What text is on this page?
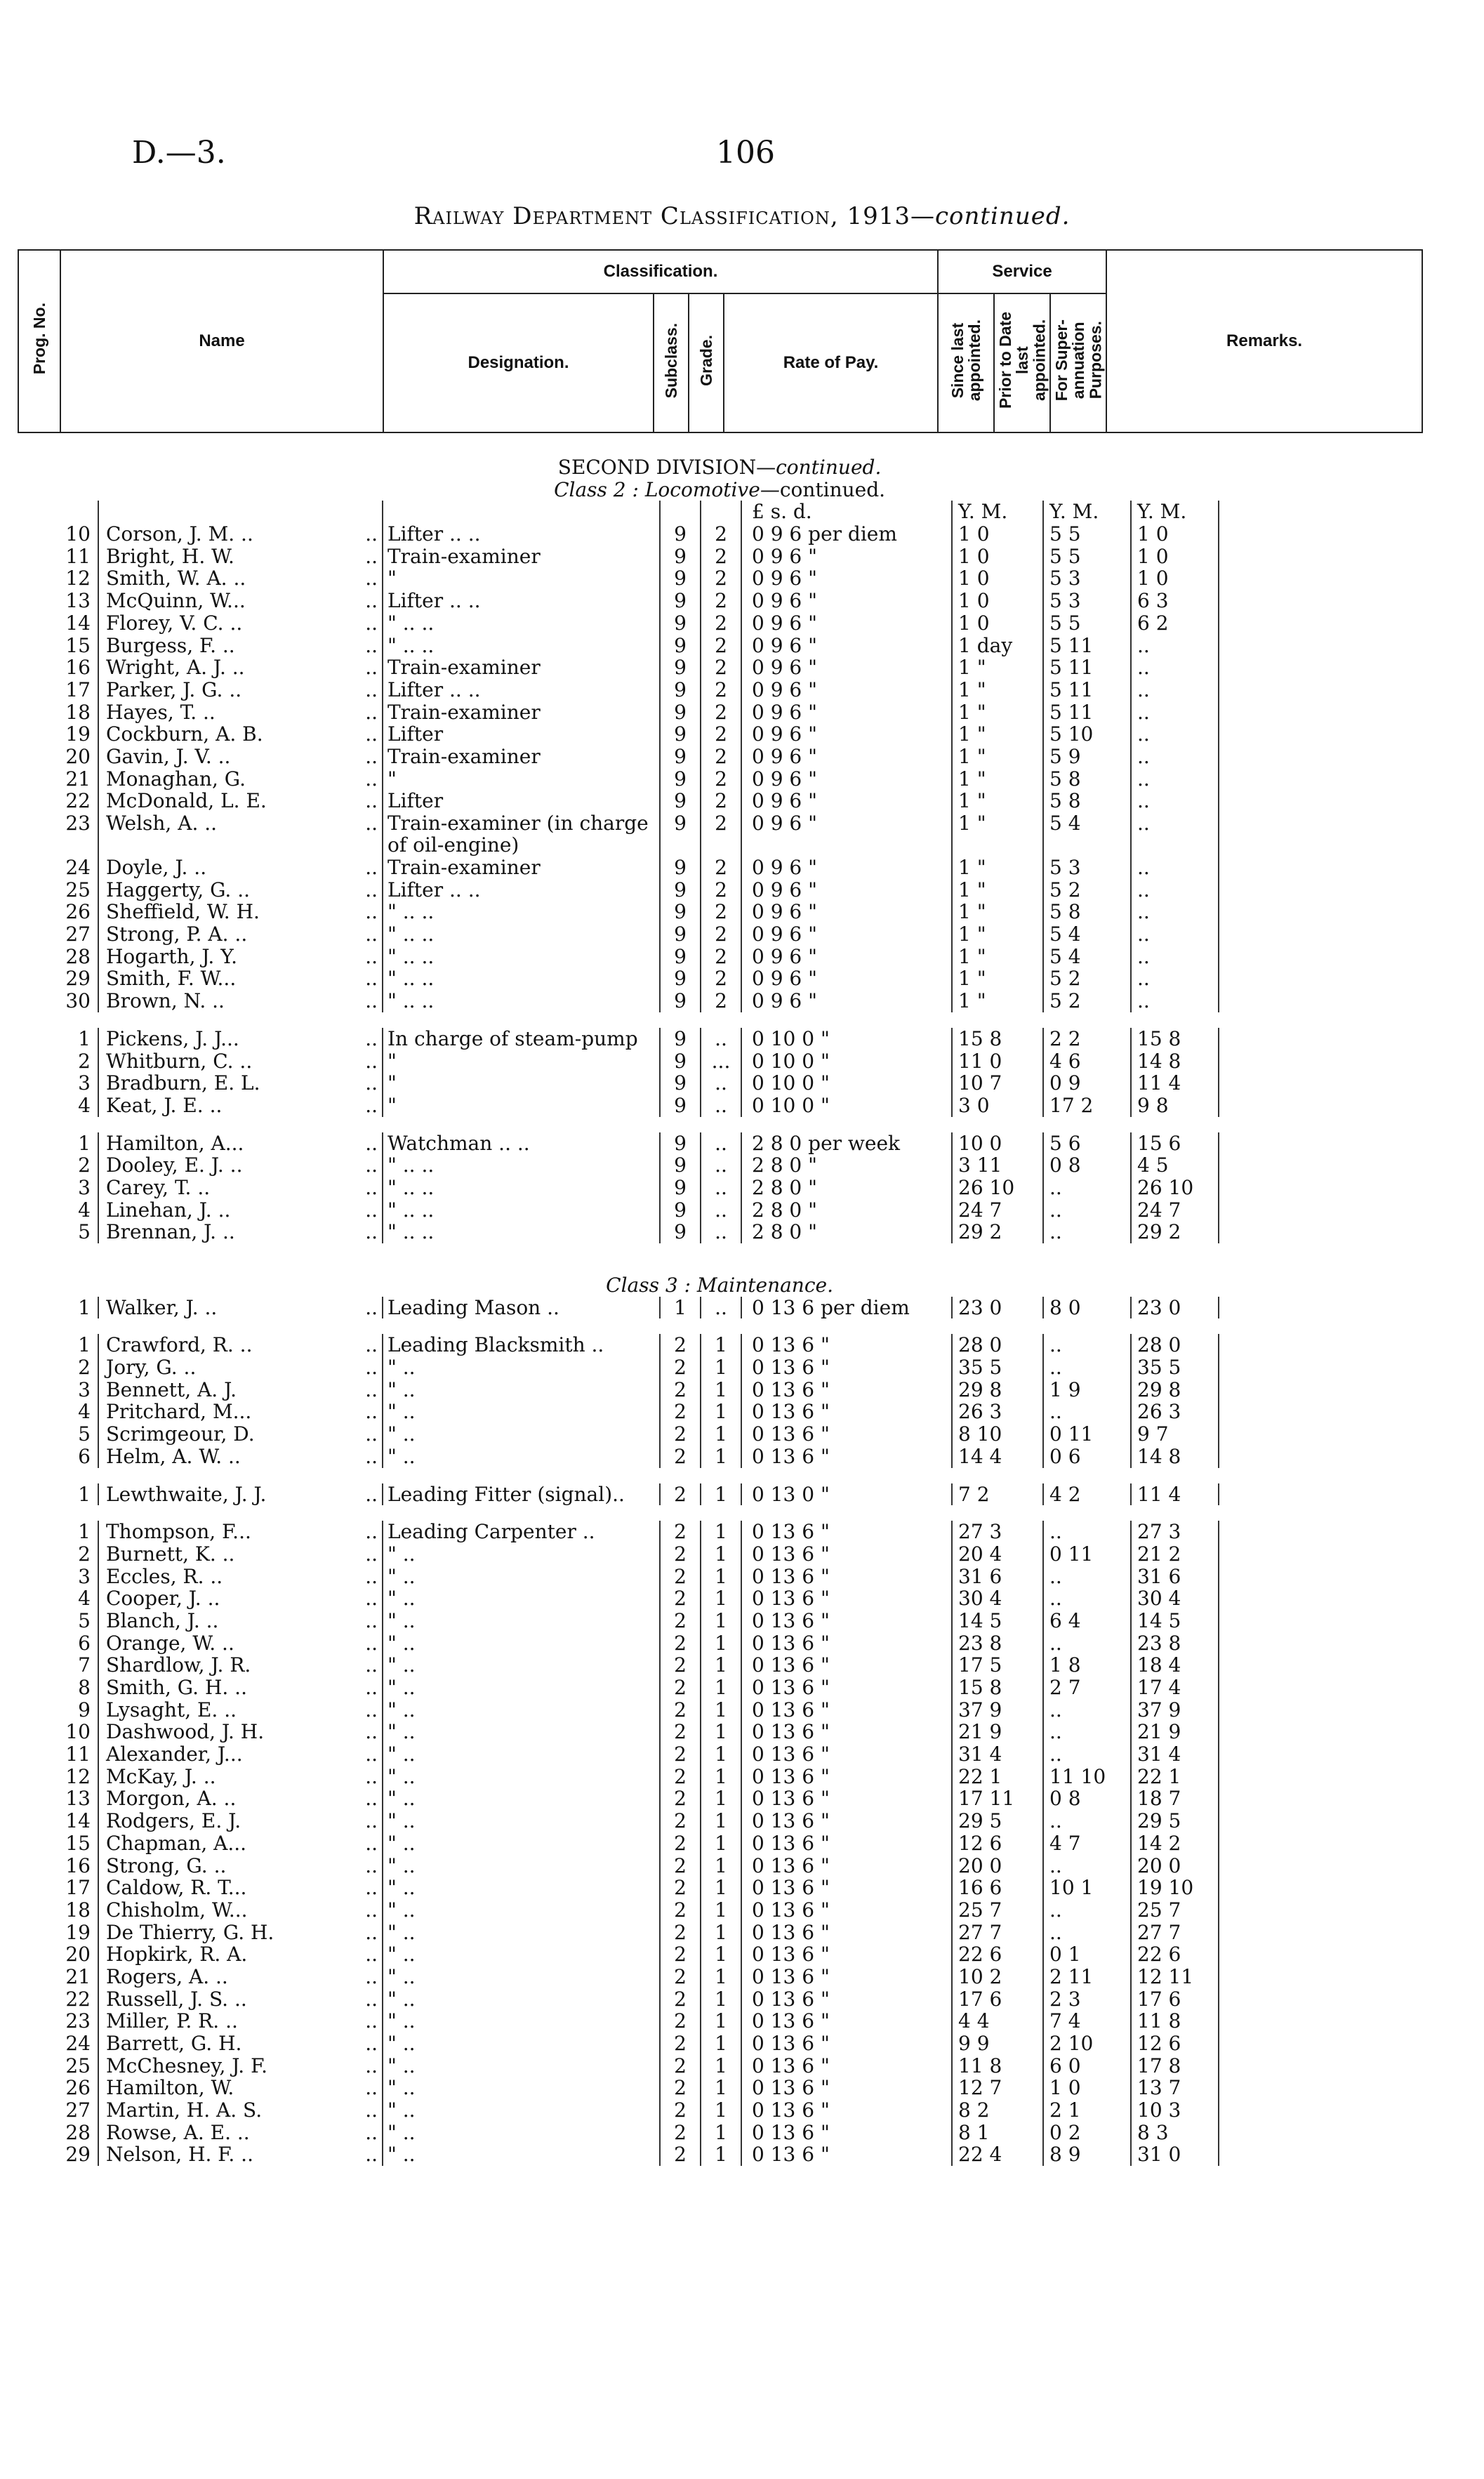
D.—3.	106
Railway Department Classification, 1913—continued.
Prog. No.	Name	Classification.				Service			Remarks.
		Designation.	Subclass.	Grade.	Rate of Pay.	Since last
appointed.	Prior to Date
last
appointed.	For Super-
annuation
Purposes.	
SECOND DIVISION—continued.										
Class 2 : Locomotive—continued.										
						£ s. d.	Y. M.	Y. M.	Y. M.	
10	Corson, J. M. ..	..	Lifter .. ..	9	2	0 9 6 per diem	1 0	5 5	1 0	
11	Bright, H. W.	..	Train-examiner	9	2	0 9 6 "	1 0	5 5	1 0	
12	Smith, W. A. ..	..	"	9	2	0 9 6 "	1 0	5 3	1 0	
13	McQuinn, W...	..	Lifter .. ..	9	2	0 9 6 "	1 0	5 3	6 3	
14	Florey, V. C. ..	..	" .. ..	9	2	0 9 6 "	1 0	5 5	6 2	
15	Burgess, F. ..	..	" .. ..	9	2	0 9 6 "	1 day	5 11	..	
16	Wright, A. J. ..	..	Train-examiner	9	2	0 9 6 "	1 "	5 11	..	
17	Parker, J. G. ..	..	Lifter .. ..	9	2	0 9 6 "	1 "	5 11	..	
18	Hayes, T. ..	..	Train-examiner	9	2	0 9 6 "	1 "	5 11	..	
19	Cockburn, A. B.	..	Lifter	9	2	0 9 6 "	1 "	5 10	..	
20	Gavin, J. V. ..	..	Train-examiner	9	2	0 9 6 "	1 "	5 9	..	
21	Monaghan, G.	..	"	9	2	0 9 6 "	1 "	5 8	..	
22	McDonald, L. E.	..	Lifter	9	2	0 9 6 "	1 "	5 8	..	
23	Welsh, A. ..	..	Train-examiner (in charge of oil-engine)	9	2	0 9 6 "	1 "	5 4	..	
24	Doyle, J. ..	..	Train-examiner	9	2	0 9 6 "	1 "	5 3	..	
25	Haggerty, G. ..	..	Lifter .. ..	9	2	0 9 6 "	1 "	5 2	..	
26	Sheffield, W. H.	..	" .. ..	9	2	0 9 6 "	1 "	5 8	..	
27	Strong, P. A. ..	..	" .. ..	9	2	0 9 6 "	1 "	5 4	..	
28	Hogarth, J. Y.	..	" .. ..	9	2	0 9 6 "	1 "	5 4	..	
29	Smith, F. W...	..	" .. ..	9	2	0 9 6 "	1 "	5 2	..	
30	Brown, N. ..	..	" .. ..	9	2	0 9 6 "	1 "	5 2	..	

1	Pickens, J. J...	..	In charge of steam-pump	9	..	0 10 0 "	15 8	2 2	15 8	
2	Whitburn, C. ..	..	"	9	...	0 10 0 "	11 0	4 6	14 8	
3	Bradburn, E. L.	..	"	9	..	0 10 0 "	10 7	0 9	11 4	
4	Keat, J. E. ..	..	"	9	..	0 10 0 "	3 0	17 2	9 8	

1	Hamilton, A...	..	Watchman .. ..	9	..	2 8 0 per week	10 0	5 6	15 6	
2	Dooley, E. J. ..	..	" .. ..	9	..	2 8 0 "	3 11	0 8	4 5	
3	Carey, T. ..	..	" .. ..	9	..	2 8 0 "	26 10	..	26 10	
4	Linehan, J. ..	..	" .. ..	9	..	2 8 0 "	24 7	..	24 7	
5	Brennan, J. ..	..	" .. ..	9	..	2 8 0 "	29 2	..	29 2	

Class 3 : Maintenance.										
1	Walker, J. ..	..	Leading Mason ..	1	..	0 13 6 per diem	23 0	8 0	23 0	

1	Crawford, R. ..	..	Leading Blacksmith ..	2	1	0 13 6 "	28 0	..	28 0	
2	Jory, G. ..	..	" ..	2	1	0 13 6 "	35 5	..	35 5	
3	Bennett, A. J.	..	" ..	2	1	0 13 6 "	29 8	1 9	29 8	
4	Pritchard, M...	..	" ..	2	1	0 13 6 "	26 3	..	26 3	
5	Scrimgeour, D.	..	" ..	2	1	0 13 6 "	8 10	0 11	9 7	
6	Helm, A. W. ..	..	" ..	2	1	0 13 6 "	14 4	0 6	14 8	

1	Lewthwaite, J. J.	..	Leading Fitter (signal)..	2	1	0 13 0 "	7 2	4 2	11 4	

1	Thompson, F...	..	Leading Carpenter ..	2	1	0 13 6 "	27 3	..	27 3	
2	Burnett, K. ..	..	" ..	2	1	0 13 6 "	20 4	0 11	21 2	
3	Eccles, R. ..	..	" ..	2	1	0 13 6 "	31 6	..	31 6	
4	Cooper, J. ..	..	" ..	2	1	0 13 6 "	30 4	..	30 4	
5	Blanch, J. ..	..	" ..	2	1	0 13 6 "	14 5	6 4	14 5	
6	Orange, W. ..	..	" ..	2	1	0 13 6 "	23 8	..	23 8	
7	Shardlow, J. R.	..	" ..	2	1	0 13 6 "	17 5	1 8	18 4	
8	Smith, G. H. ..	..	" ..	2	1	0 13 6 "	15 8	2 7	17 4	
9	Lysaght, E. ..	..	" ..	2	1	0 13 6 "	37 9	..	37 9	
10	Dashwood, J. H.	..	" ..	2	1	0 13 6 "	21 9	..	21 9	
11	Alexander, J...	..	" ..	2	1	0 13 6 "	31 4	..	31 4	
12	McKay, J. ..	..	" ..	2	1	0 13 6 "	22 1	11 10	22 1	
13	Morgon, A. ..	..	" ..	2	1	0 13 6 "	17 11	0 8	18 7	
14	Rodgers, E. J.	..	" ..	2	1	0 13 6 "	29 5	..	29 5	
15	Chapman, A...	..	" ..	2	1	0 13 6 "	12 6	4 7	14 2	
16	Strong, G. ..	..	" ..	2	1	0 13 6 "	20 0	..	20 0	
17	Caldow, R. T...	..	" ..	2	1	0 13 6 "	16 6	10 1	19 10	
18	Chisholm, W...	..	" ..	2	1	0 13 6 "	25 7	..	25 7	
19	De Thierry, G. H.	..	" ..	2	1	0 13 6 "	27 7	..	27 7	
20	Hopkirk, R. A.	..	" ..	2	1	0 13 6 "	22 6	0 1	22 6	
21	Rogers, A. ..	..	" ..	2	1	0 13 6 "	10 2	2 11	12 11	
22	Russell, J. S. ..	..	" ..	2	1	0 13 6 "	17 6	2 3	17 6	
23	Miller, P. R. ..	..	" ..	2	1	0 13 6 "	4 4	7 4	11 8	
24	Barrett, G. H.	..	" ..	2	1	0 13 6 "	9 9	2 10	12 6	
25	McChesney, J. F.	..	" ..	2	1	0 13 6 "	11 8	6 0	17 8	
26	Hamilton, W.	..	" ..	2	1	0 13 6 "	12 7	1 0	13 7	
27	Martin, H. A. S.	..	" ..	2	1	0 13 6 "	8 2	2 1	10 3	
28	Rowse, A. E. ..	..	" ..	2	1	0 13 6 "	8 1	0 2	8 3	
29	Nelson, H. F. ..	..	" ..	2	1	0 13 6 "	22 4	8 9	31 0	
